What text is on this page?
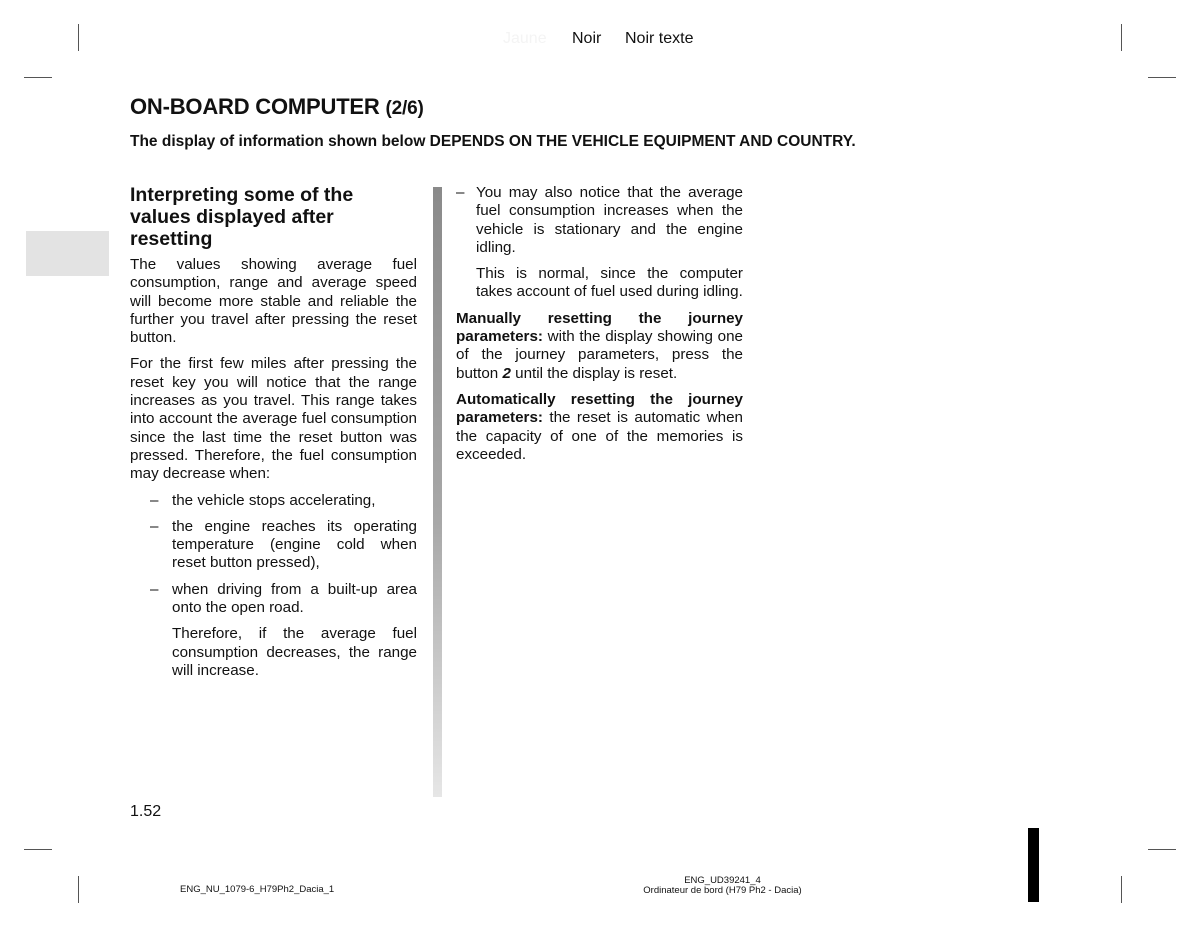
Jaune Noir Noir texte
ON-BOARD COMPUTER (2/6)
The display of information shown below DEPENDS ON THE VEHICLE EQUIPMENT AND COUNTRY.
Interpreting some of the values displayed after resetting
The values showing average fuel consumption, range and average speed will become more stable and reliable the further you travel after pressing the reset button.
For the first few miles after pressing the reset key you will notice that the range increases as you travel. This range takes into account the average fuel consumption since the last time the reset button was pressed. Therefore, the fuel consumption may decrease when:
– the vehicle stops accelerating,
– the engine reaches its operating temperature (engine cold when reset button pressed),
– when driving from a built-up area onto the open road.
Therefore, if the average fuel consumption decreases, the range will increase.
– You may also notice that the average fuel consumption increases when the vehicle is stationary and the engine idling.
This is normal, since the computer takes account of fuel used during idling.
Manually resetting the journey parameters: with the display showing one of the journey parameters, press the button 2 until the display is reset.
Automatically resetting the journey parameters: the reset is automatic when the capacity of one of the memories is exceeded.
1.52
ENG_NU_1079-6_H79Ph2_Dacia_1
ENG_UD39241_4
Ordinateur de bord (H79 Ph2 - Dacia)
